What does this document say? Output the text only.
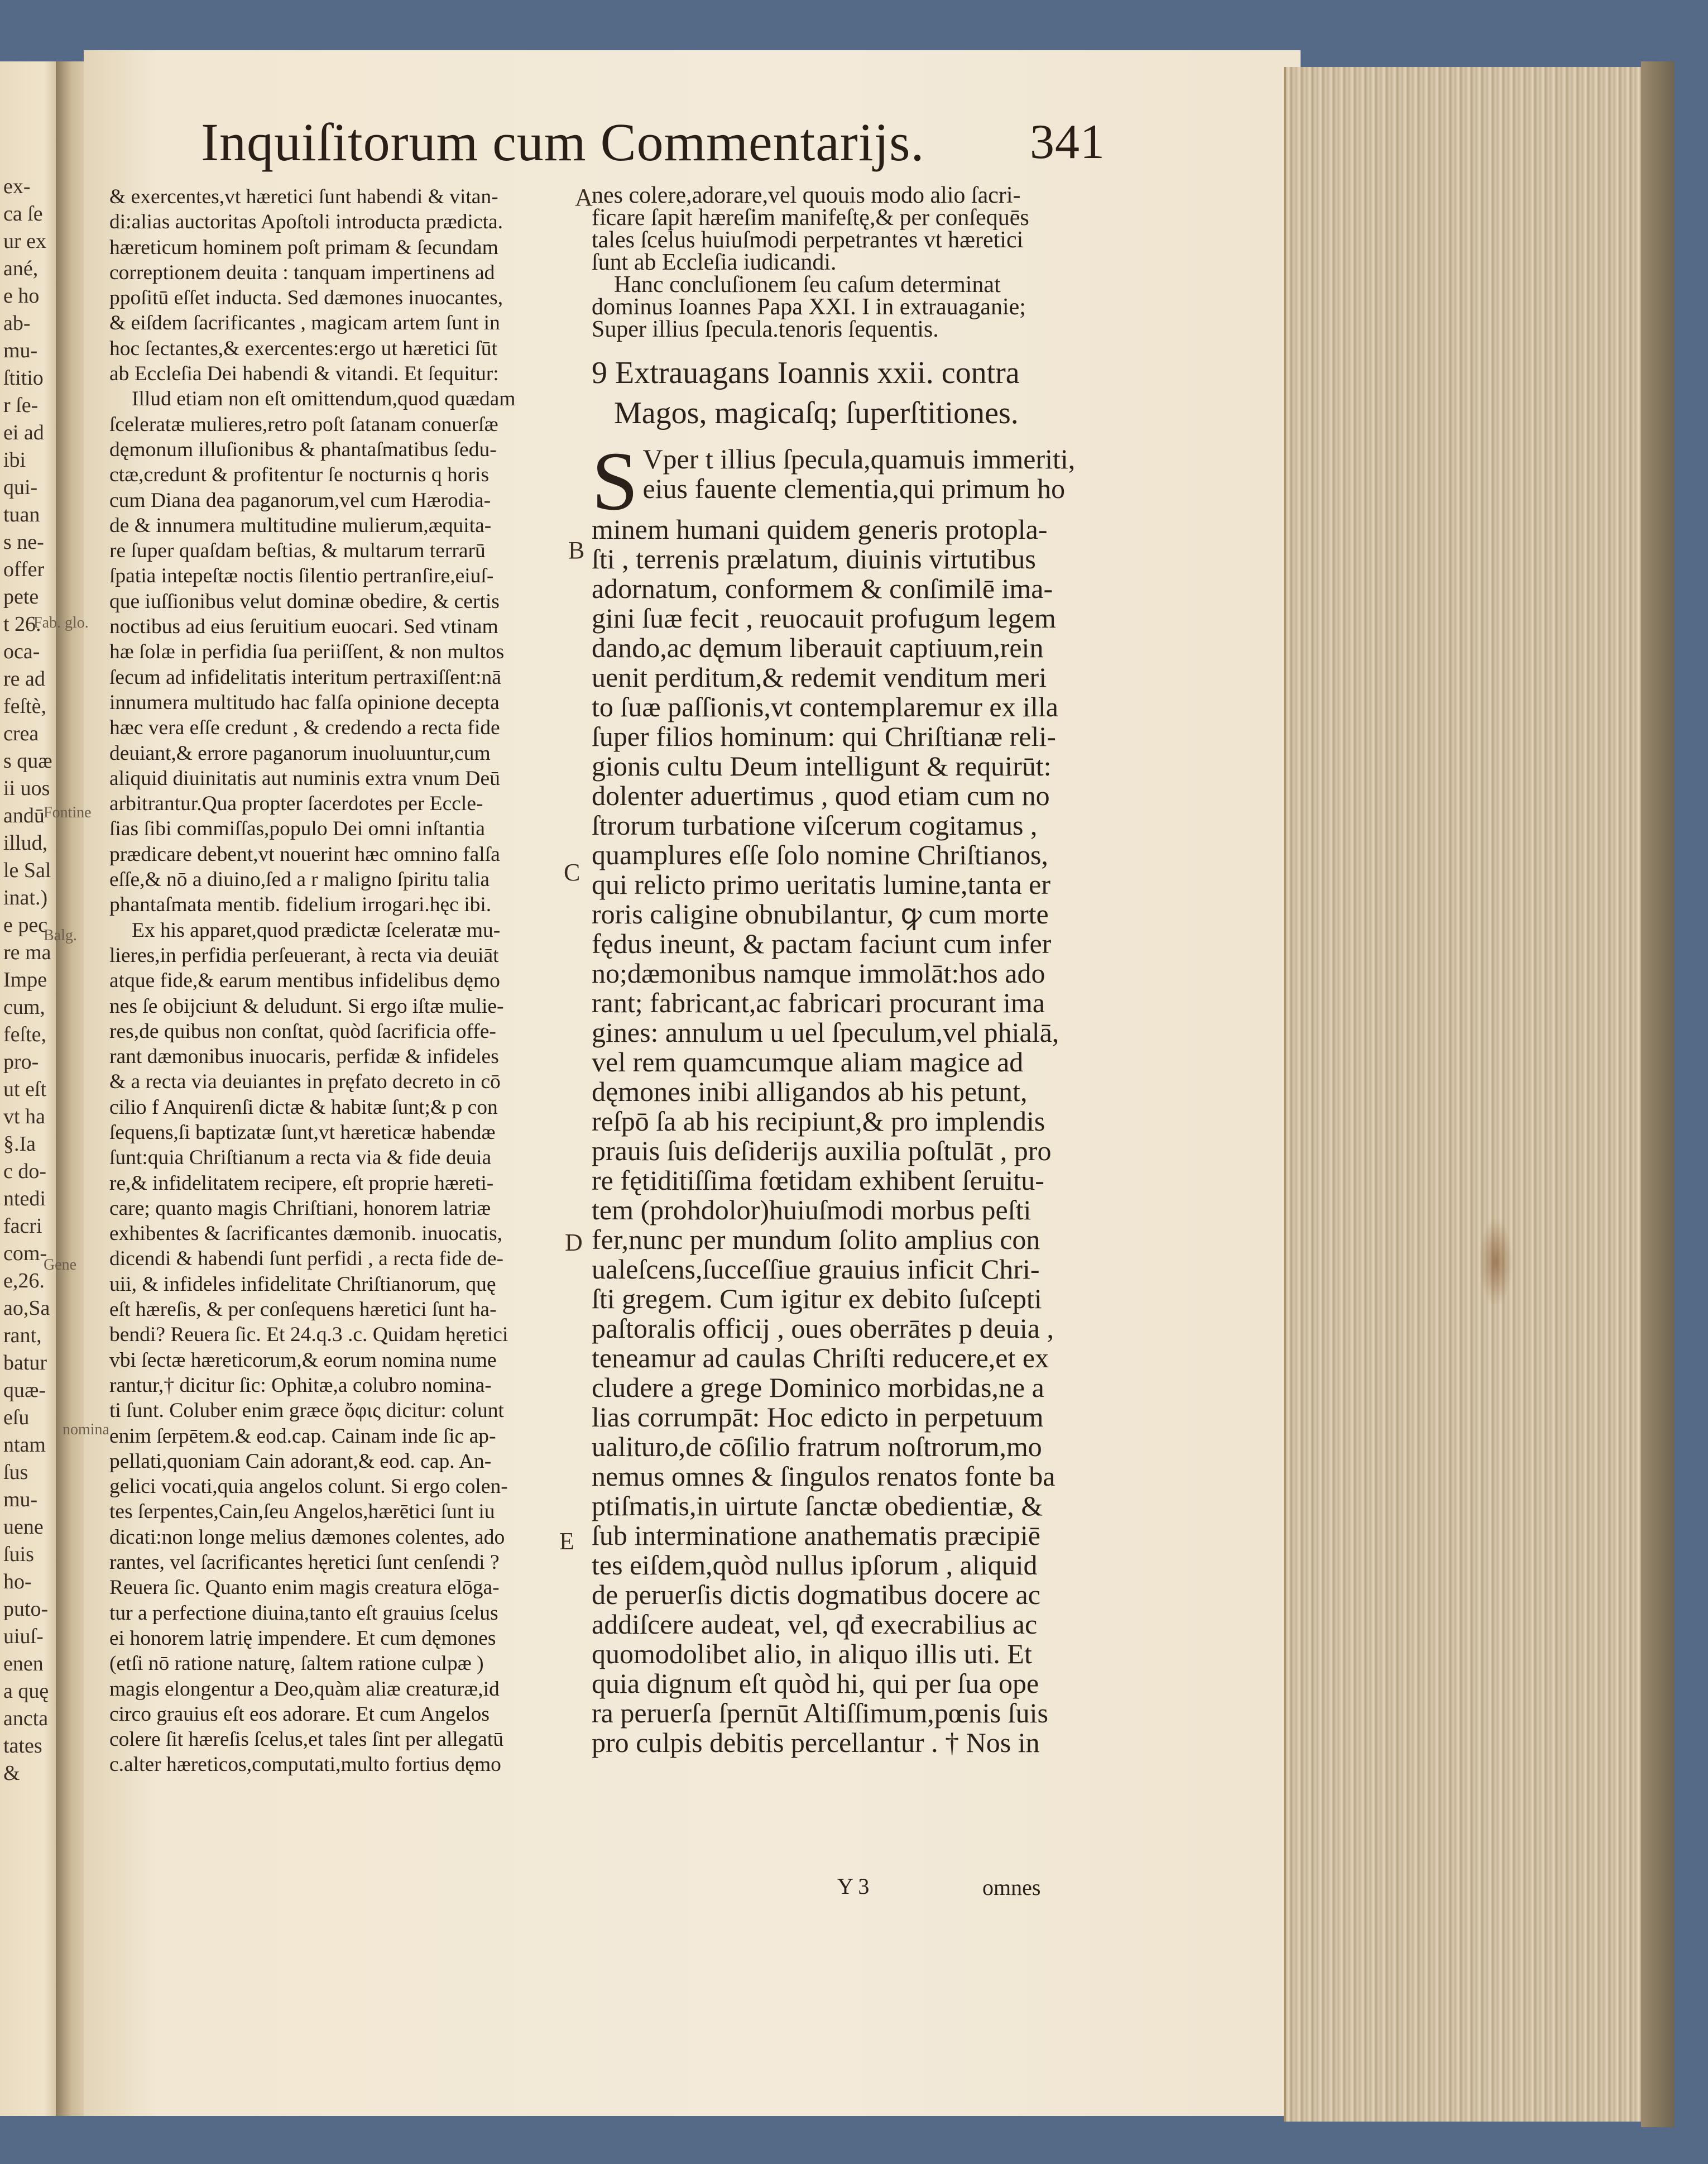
ex-
ca ſe
ur ex
ané,
e ho
ab-
mu-
ſtitio
r ſe-
ei ad
ibi
qui-
tuan
s ne-
offer
pete
t 26.
oca-
re ad
feſtè,
crea
s quæ
ii uos
andū
illud,
le Sal
inat.)
e pec
re ma
Impe
cum,
feſte,
pro-
ut eſt
vt ha
§.Ia
c do-
ntedi
facri
com-
e,26.
ao,Sa
rant,
batur
quæ-
eſu
ntam
ſus
mu-
uene
ſuis
ho-
puto-
uiuſ-
enen
a quę
ancta
tates
&
Inquiſitorum cum Commentarijs. 341
& exercentes,vt hæretici ſunt habendi & vitan-
di:alias auctoritas Apoſtoli introducta prædicta.
hæreticum hominem poſt primam & ſecundam
correptionem deuita : tanquam impertinens ad
ppoſitū eſſet inducta. Sed dæmones inuocantes,
& eiſdem ſacrificantes , magicam artem ſunt in
hoc ſectantes,& exercentes:ergo ut hæretici ſūt
ab Eccleſia Dei habendi & vitandi. Et ſequitur:
Illud etiam non eſt omittendum,quod quædam
ſceleratæ mulieres,retro poſt ſatanam conuerſæ
dęmonum illuſionibus & phantaſmatibus ſedu-
ctæ,credunt & profitentur ſe nocturnis q horis
cum Diana dea paganorum,vel cum Hærodia-
de & innumera multitudine mulierum,æquita-
re ſuper quaſdam beſtias, & multarum terrarū
ſpatia intepeſtæ noctis ſilentio pertranſire,eiuſ-
que iuſſionibus velut dominæ obedire, & certis
noctibus ad eius ſeruitium euocari. Sed vtinam
hæ ſolæ in perfidia ſua periiſſent, & non multos
ſecum ad infidelitatis interitum pertraxiſſent:nā
innumera multitudo hac falſa opinione decepta
hæc vera eſſe credunt , & credendo a recta fide
deuiant,& errore paganorum inuoluuntur,cum
aliquid diuinitatis aut numinis extra vnum Deū
arbitrantur.Qua propter ſacerdotes per Eccle-
ſias ſibi commiſſas,populo Dei omni inſtantia
prædicare debent,vt nouerint hæc omnino falſa
eſſe,& nō a diuino,ſed a r maligno ſpiritu talia
phantaſmata mentib. fidelium irrogari.hęc ibi.
Ex his apparet,quod prædictæ ſceleratæ mu-
lieres,in perfidia perſeuerant, à recta via deuiāt
atque fide,& earum mentibus infidelibus dęmo
nes ſe obijciunt & deludunt. Si ergo iſtæ mulie-
res,de quibus non conſtat, quòd ſacrificia offe-
rant dæmonibus inuocaris, perfidæ & infideles
& a recta via deuiantes in pręfato decreto in cō
cilio f Anquirenſi dictæ & habitæ ſunt;& p con
ſequens,ſi baptizatæ ſunt,vt hæreticæ habendæ
ſunt:quia Chriſtianum a recta via & fide deuia
re,& infidelitatem recipere, eſt proprie hæreti-
care; quanto magis Chriſtiani, honorem latriæ
exhibentes & ſacrificantes dæmonib. inuocatis,
dicendi & habendi ſunt perfidi , a recta fide de-
uii, & infideles infidelitate Chriſtianorum, quę
eſt hæreſis, & per conſequens hæretici ſunt ha-
bendi? Reuera ſic. Et 24.q.3 .c. Quidam hęretici
vbi ſectæ hæreticorum,& eorum nomina nume
rantur,† dicitur ſic: Ophitæ,a colubro nomina-
ti ſunt. Coluber enim græce ὄφις dicitur: colunt
enim ſerpētem.& eod.cap. Cainam inde ſic ap-
pellati,quoniam Cain adorant,& eod. cap. An-
gelici vocati,quia angelos colunt. Si ergo colen-
tes ſerpentes,Cain,ſeu Angelos,hærētici ſunt iu
dicati:non longe melius dæmones colentes, ado
rantes, vel ſacrificantes hęretici ſunt cenſendi ?
Reuera ſic. Quanto enim magis creatura elōga-
tur a perfectione diuina,tanto eſt grauius ſcelus
ei honorem latrię impendere. Et cum dęmones
(etſi nō ratione naturę, ſaltem ratione culpæ )
magis elongentur a Deo,quàm aliæ creaturæ,id
circo grauius eſt eos adorare. Et cum Angelos
colere ſit hæreſis ſcelus,et tales ſint per allegatū
c.alter hæreticos,computati,multo fortius dęmo
nes colere,adorare,vel quouis modo alio ſacri-
ficare ſapit hæreſim manifeſtę,& per conſequēs
tales ſcelus huiuſmodi perpetrantes vt hæretici
ſunt ab Eccleſia iudicandi.
Hanc concluſionem ſeu caſum determinat
dominus Ioannes Papa XXI. I in extrauaganie;
Super illius ſpecula.tenoris ſequentis.
9 Extrauagans Ioannis xxii. contra
Magos, magicaſq; ſuperſtitiones.
S Vper t illius ſpecula,quamuis immeriti,
eius fauente clementia,qui primum ho
minem humani quidem generis protopla-
ſti , terrenis prælatum, diuinis virtutibus
adornatum, conformem & conſimilē ima-
gini ſuæ fecit , reuocauit profugum legem
dando,ac dęmum liberauit captiuum,rein
uenit perditum,& redemit venditum meri
to ſuæ paſſionis,vt contemplaremur ex illa
ſuper filios hominum: qui Chriſtianæ reli-
gionis cultu Deum intelligunt & requirūt:
dolenter aduertimus , quod etiam cum no
ſtrorum turbatione viſcerum cogitamus ,
quamplures eſſe ſolo nomine Chriſtianos,
qui relicto primo ueritatis lumine,tanta er
roris caligine obnubilantur, ꝙ cum morte
fędus ineunt, & pactam faciunt cum infer
no;dæmonibus namque immolāt:hos ado
rant; fabricant,ac fabricari procurant ima
gines: annulum u uel ſpeculum,vel phialā,
vel rem quamcumque aliam magice ad
dęmones inibi alligandos ab his petunt,
reſpō ſa ab his recipiunt,& pro implendis
prauis ſuis deſiderijs auxilia poſtulāt , pro
re fętiditiſſima fœtidam exhibent ſeruitu-
tem (prohdolor)huiuſmodi morbus peſti
fer,nunc per mundum ſolito amplius con
ualeſcens,ſucceſſiue grauius inficit Chri-
ſti gregem. Cum igitur ex debito ſuſcepti
paſtoralis officij , oues oberrātes p deuia ,
teneamur ad caulas Chriſti reducere,et ex
cludere a grege Dominico morbidas,ne a
lias corrumpāt: Hoc edicto in perpetuum
ualituro,de cōſilio fratrum noſtrorum,mo
nemus omnes & ſingulos renatos fonte ba
ptiſmatis,in uirtute ſanctæ obedientiæ, &
ſub interminatione anathematis præcipiē
tes eiſdem,quòd nullus ipſorum , aliquid
de peruerſis dictis dogmatibus docere ac
addiſcere audeat, vel, qđ execrabilius ac
quomodolibet alio, in aliquo illis uti. Et
quia dignum eſt quòd hi, qui per ſua ope
ra peruerſa ſpernūt Altiſſimum,pœnis ſuis
pro culpis debitis percellantur . † Nos in
A
B
C
D
E
Fab. glo.
Fontine
Balg.
Gene
nomina
Y 3	omnes
